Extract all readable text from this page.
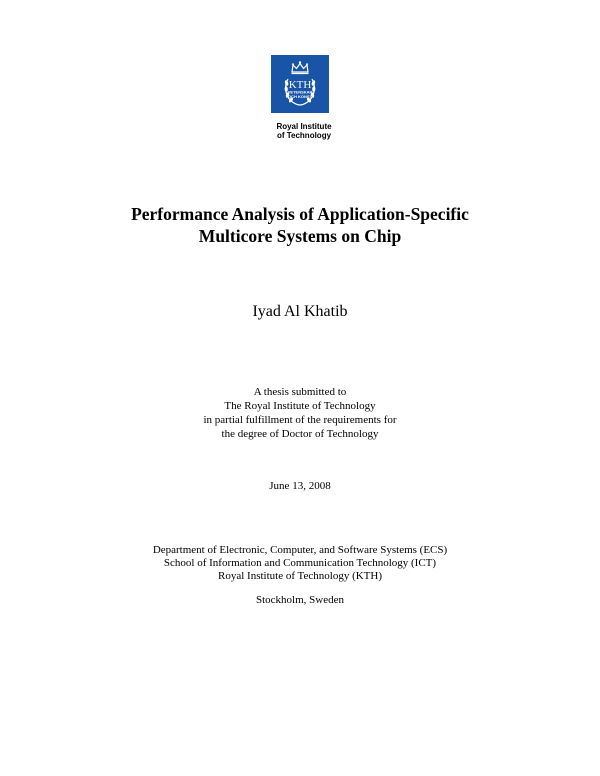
KTH
VETENSKAP
OCH KONST
Royal Institute
of Technology
Performance Analysis of Application-Specific
Multicore Systems on Chip
Iyad Al Khatib
A thesis submitted to
The Royal Institute of Technology
in partial fulfillment of the requirements for
the degree of Doctor of Technology
June 13, 2008
Department of Electronic, Computer, and Software Systems (ECS)
School of Information and Communication Technology (ICT)
Royal Institute of Technology (KTH)
Stockholm, Sweden
